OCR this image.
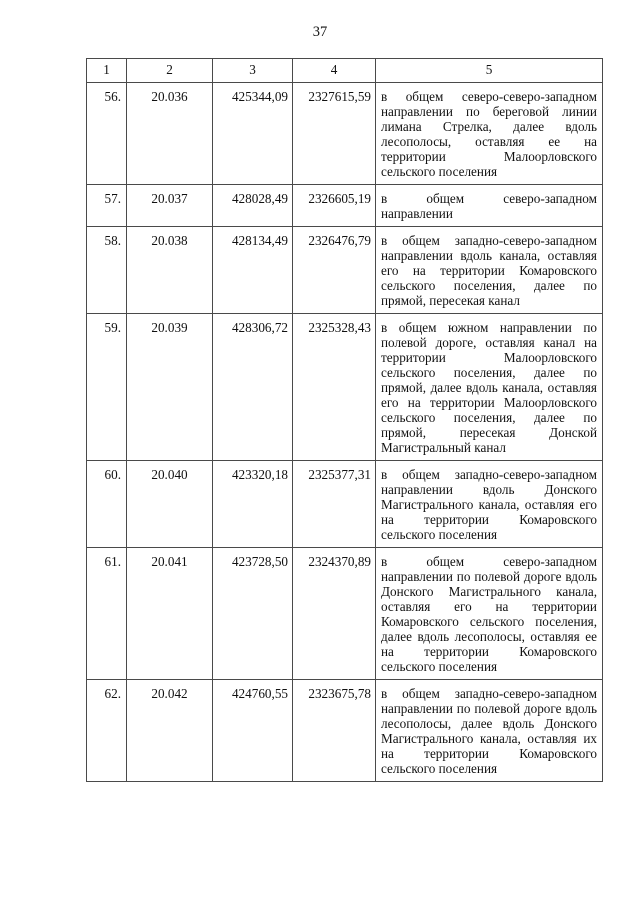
37
1	2	3	4	5
56.	20.036	425344,09	2327615,59	в общем северо-северо-западном направлении по береговой линии лимана Стрелка, далее вдоль лесополосы, оставляя ее на территории Малоорловского сельского поселения
57.	20.037	428028,49	2326605,19	в общем северо-западном направлении
58.	20.038	428134,49	2326476,79	в общем западно-северо-западном направлении вдоль канала, оставляя его на территории Комаровского сельского поселения, далее по прямой, пересекая канал
59.	20.039	428306,72	2325328,43	в общем южном направлении по полевой дороге, оставляя канал на территории Малоорловского сельского поселения, далее по прямой, далее вдоль канала, оставляя его на территории Малоорловского сельского поселения, далее по прямой, пересекая Донской Магистральный канал
60.	20.040	423320,18	2325377,31	в общем западно-северо-западном направлении вдоль Донского Магистрального канала, оставляя его на территории Комаровского сельского поселения
61.	20.041	423728,50	2324370,89	в общем северо-западном направлении по полевой дороге вдоль Донского Магистрального канала, оставляя его на территории Комаровского сельского поселения, далее вдоль лесополосы, оставляя ее на территории Комаровского сельского поселения
62.	20.042	424760,55	2323675,78	в общем западно-северо-западном направлении по полевой дороге вдоль лесополосы, далее вдоль Донского Магистрального канала, оставляя их на территории Комаровского сельского поселения
